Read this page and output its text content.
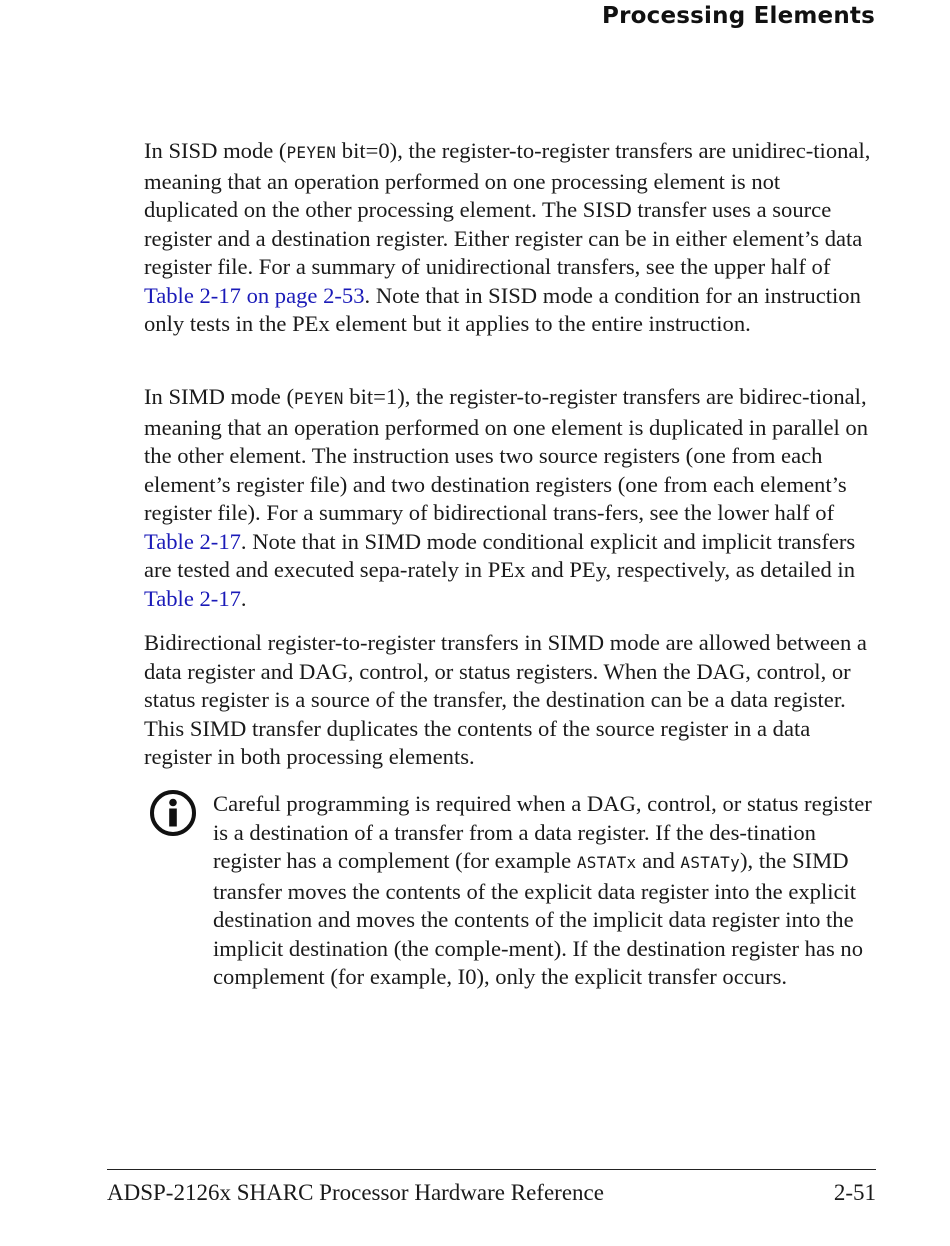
Processing Elements

In SISD mode (PEYEN bit=0), the register-to-register transfers are unidirec-tional, meaning that an operation performed on one processing element is not duplicated on the other processing element. The SISD transfer uses a source register and a destination register. Either register can be in either element’s data register file. For a summary of unidirectional transfers, see the upper half of Table 2-17 on page 2-53. Note that in SISD mode a condition for an instruction only tests in the PEx element but it applies to the entire instruction.

In SIMD mode (PEYEN bit=1), the register-to-register transfers are bidirec-tional, meaning that an operation performed on one element is duplicated in parallel on the other element. The instruction uses two source registers (one from each element’s register file) and two destination registers (one from each element’s register file). For a summary of bidirectional trans-fers, see the lower half of Table 2-17. Note that in SIMD mode conditional explicit and implicit transfers are tested and executed sepa-rately in PEx and PEy, respectively, as detailed in Table 2-17.

Bidirectional register-to-register transfers in SIMD mode are allowed between a data register and DAG, control, or status registers. When the DAG, control, or status register is a source of the transfer, the destination can be a data register. This SIMD transfer duplicates the contents of the source register in a data register in both processing elements.

Careful programming is required when a DAG, control, or status register is a destination of a transfer from a data register. If the des-tination register has a complement (for example ASTATx and ASTATy), the SIMD transfer moves the contents of the explicit data register into the explicit destination and moves the contents of the implicit data register into the implicit destination (the comple-ment). If the destination register has no complement (for example, I0), only the explicit transfer occurs.

ADSP-2126x SHARC Processor Hardware Reference	2-51
